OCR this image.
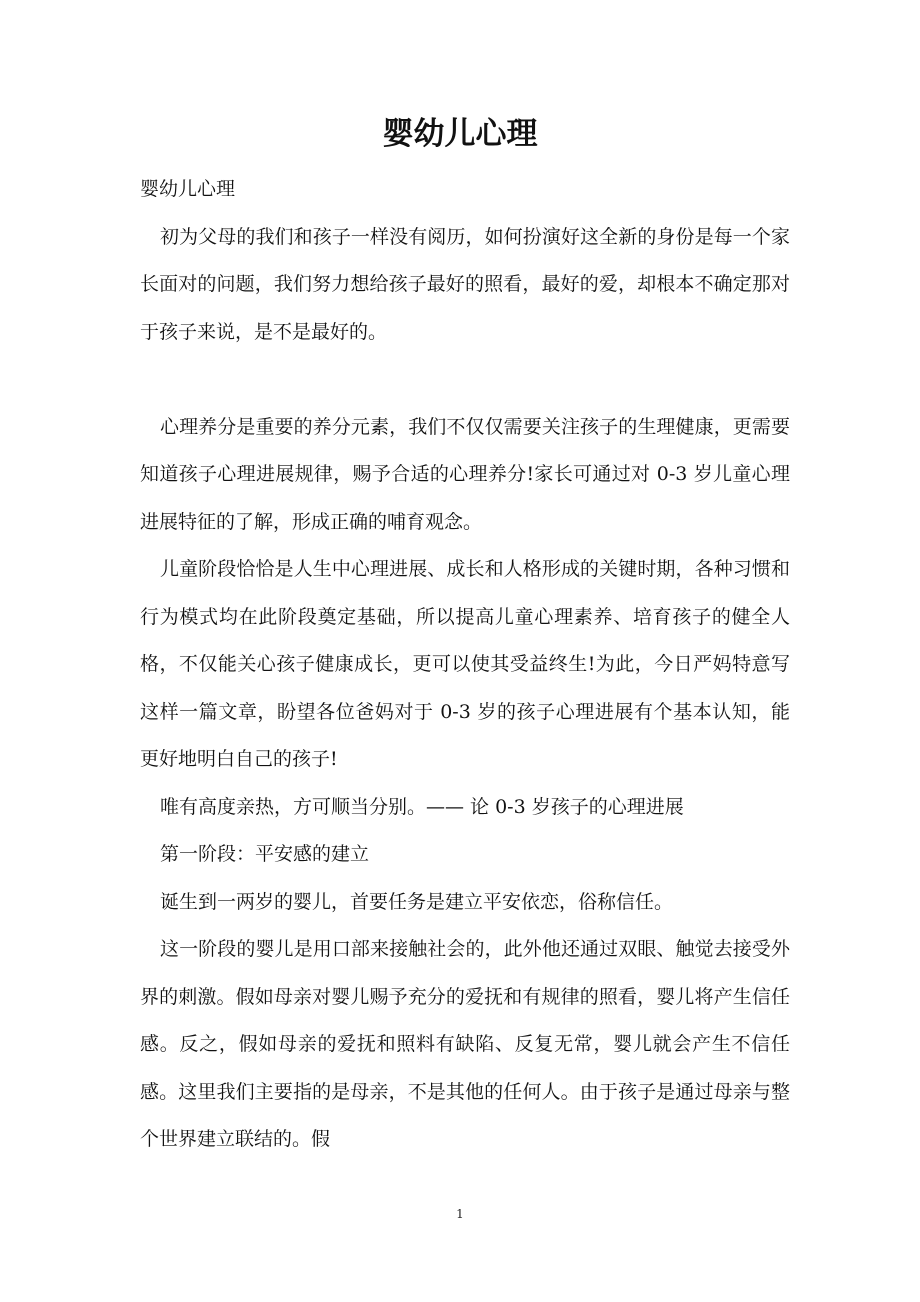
婴幼儿心理

婴幼儿心理

初为父母的我们和孩子一样没有阅历，如何扮演好这全新的身份是每一个家长面对的问题，我们努力想给孩子最好的照看，最好的爱，却根本不确定那对于孩子来说，是不是最好的。

心理养分是重要的养分元素，我们不仅仅需要关注孩子的生理健康，更需要知道孩子心理进展规律，赐予合适的心理养分!家长可通过对 0-3 岁儿童心理进展特征的了解，形成正确的哺育观念。

儿童阶段恰恰是人生中心理进展、成长和人格形成的关键时期，各种习惯和行为模式均在此阶段奠定基础，所以提高儿童心理素养、培育孩子的健全人格，不仅能关心孩子健康成长，更可以使其受益终生!为此，今日严妈特意写这样一篇文章，盼望各位爸妈对于 0-3 岁的孩子心理进展有个基本认知，能更好地明白自己的孩子!

唯有高度亲热，方可顺当分别。—— 论 0-3 岁孩子的心理进展

第一阶段：平安感的建立

诞生到一两岁的婴儿，首要任务是建立平安依恋，俗称信任。

这一阶段的婴儿是用口部来接触社会的，此外他还通过双眼、触觉去接受外界的刺激。假如母亲对婴儿赐予充分的爱抚和有规律的照看，婴儿将产生信任感。反之，假如母亲的爱抚和照料有缺陷、反复无常，婴儿就会产生不信任感。这里我们主要指的是母亲，不是其他的任何人。由于孩子是通过母亲与整个世界建立联结的。假

1
